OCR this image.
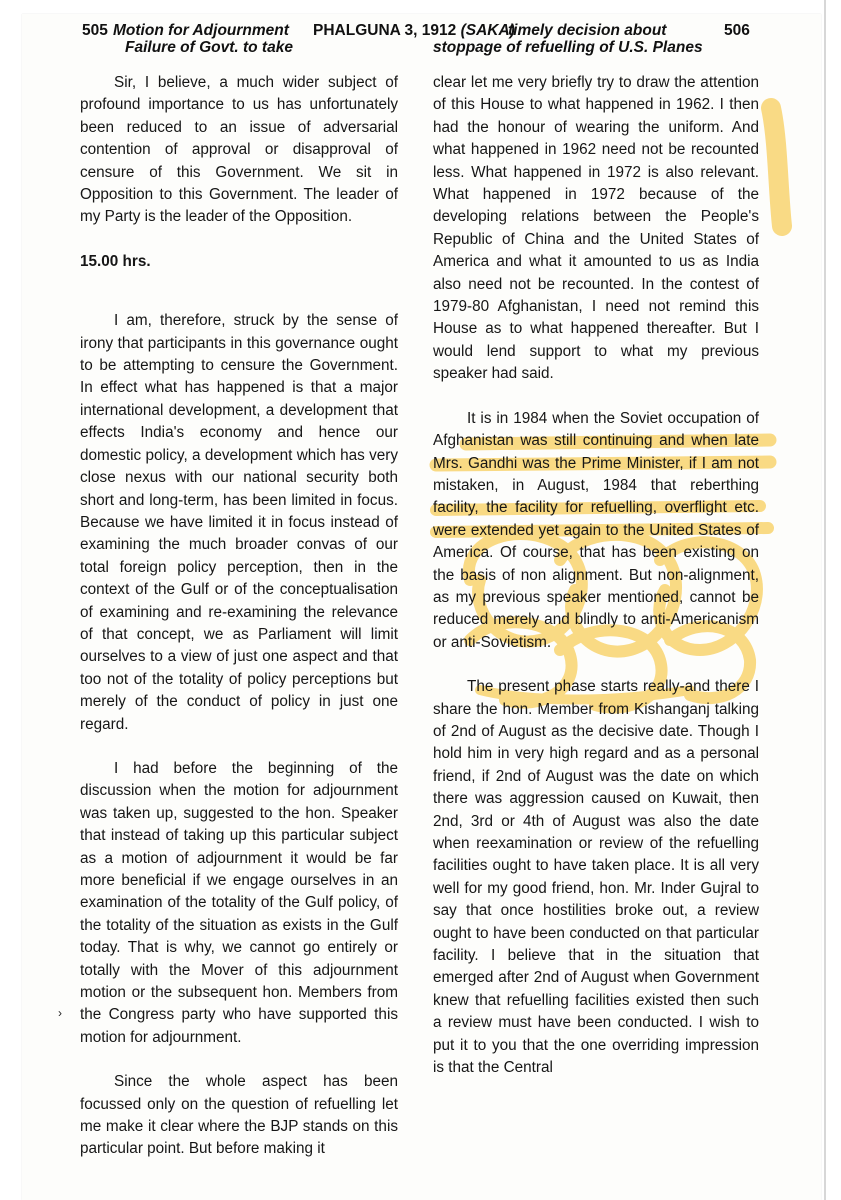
505 Motion for Adjournment
Failure of Govt. to take
PHALGUNA 3, 1912 (SAKA)
timely decision about
stoppage of refuelling of U.S. Planes
506

Sir, I believe, a much wider subject of profound importance to us has unfortunately been reduced to an issue of adversarial contention of approval or disapproval of censure of this Government. We sit in Opposition to this Government. The leader of my Party is the leader of the Opposition.

15.00 hrs.

I am, therefore, struck by the sense of irony that participants in this governance ought to be attempting to censure the Government. In effect what has happened is that a major international development, a development that effects India's economy and hence our domestic policy, a development which has very close nexus with our national security both short and long-term, has been limited in focus. Because we have limited it in focus instead of examining the much broader convas of our total foreign policy perception, then in the context of the Gulf or of the conceptualisation of examining and re-examining the relevance of that concept, we as Parliament will limit ourselves to a view of just one aspect and that too not of the totality of policy perceptions but merely of the conduct of policy in just one regard.

I had before the beginning of the discussion when the motion for adjournment was taken up, suggested to the hon. Speaker that instead of taking up this particular subject as a motion of adjournment it would be far more beneficial if we engage ourselves in an examination of the totality of the Gulf policy, of the totality of the situation as exists in the Gulf today. That is why, we cannot go entirely or totally with the Mover of this adjournment motion or the subsequent hon. Members from the Congress party who have supported this motion for adjournment.

Since the whole aspect has been focussed only on the question of refuelling let me make it clear where the BJP stands on this particular point. But before making it

clear let me very briefly try to draw the attention of this House to what happened in 1962. I then had the honour of wearing the uniform. And what happened in 1962 need not be recounted less. What happened in 1972 is also relevant. What happened in 1972 because of the developing relations between the People's Republic of China and the United States of America and what it amounted to us as India also need not be recounted. In the contest of 1979-80 Afghanistan, I need not remind this House as to what happened thereafter. But I would lend support to what my previous speaker had said.

It is in 1984 when the Soviet occupation of Afghanistan was still continuing and when late Mrs. Gandhi was the Prime Minister, if I am not mistaken, in August, 1984 that reberthing facility, the facility for refuelling, overflight etc. were extended yet again to the United States of America. Of course, that has been existing on the basis of non alignment. But non-alignment, as my previous speaker mentioned, cannot be reduced merely and blindly to anti-Americanism or anti-Sovietism.

The present phase starts really-and there I share the hon. Member from Kishanganj talking of 2nd of August as the decisive date. Though I hold him in very high regard and as a personal friend, if 2nd of August was the date on which there was aggression caused on Kuwait, then 2nd, 3rd or 4th of August was also the date when reexamination or review of the refuelling facilities ought to have taken place. It is all very well for my good friend, hon. Mr. Inder Gujral to say that once hostilities broke out, a review ought to have been conducted on that particular facility. I believe that in the situation that emerged after 2nd of August when Government knew that refuelling facilities existed then such a review must have been conducted. I wish to put it to you that the one overriding impression is that the Central

›
